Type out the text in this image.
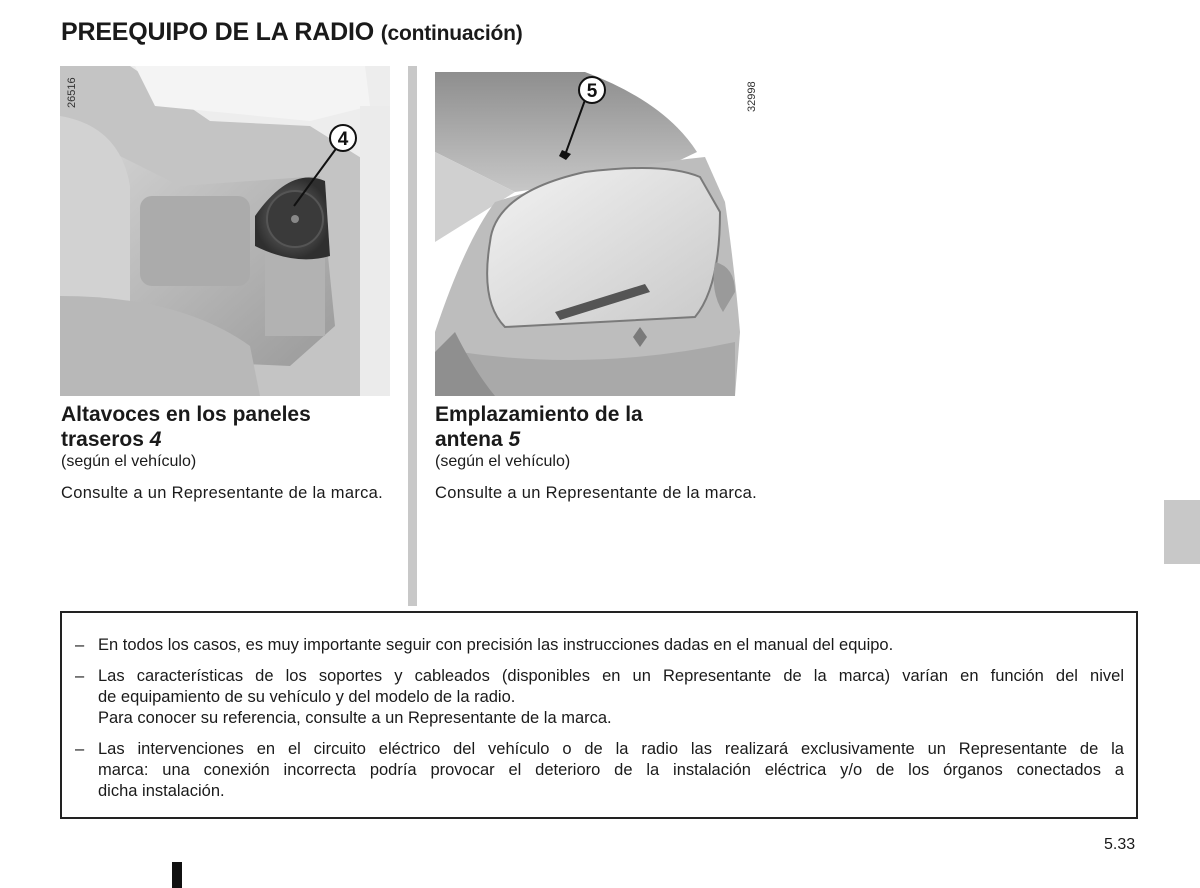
PREEQUIPO DE LA RADIO (continuación)
4
26516	5	32998
Altavoces en los paneles
traseros 4
(según el vehículo)
Consulte a un Representante de la marca.
Emplazamiento de la
antena 5
(según el vehículo)
Consulte a un Representante de la marca.
– En todos los casos, es muy importante seguir con precisión las instrucciones dadas en el manual del equipo.
– Las características de los soportes y cableados (disponibles en un Representante de la marca) varían en función del nivel
de equipamiento de su vehículo y del modelo de la radio.
Para conocer su referencia, consulte a un Representante de la marca.
– Las intervenciones en el circuito eléctrico del vehículo o de la radio las realizará exclusivamente un Representante de la
marca: una conexión incorrecta podría provocar el deterioro de la instalación eléctrica y/o de los órganos conectados a
dicha instalación.
5.33
